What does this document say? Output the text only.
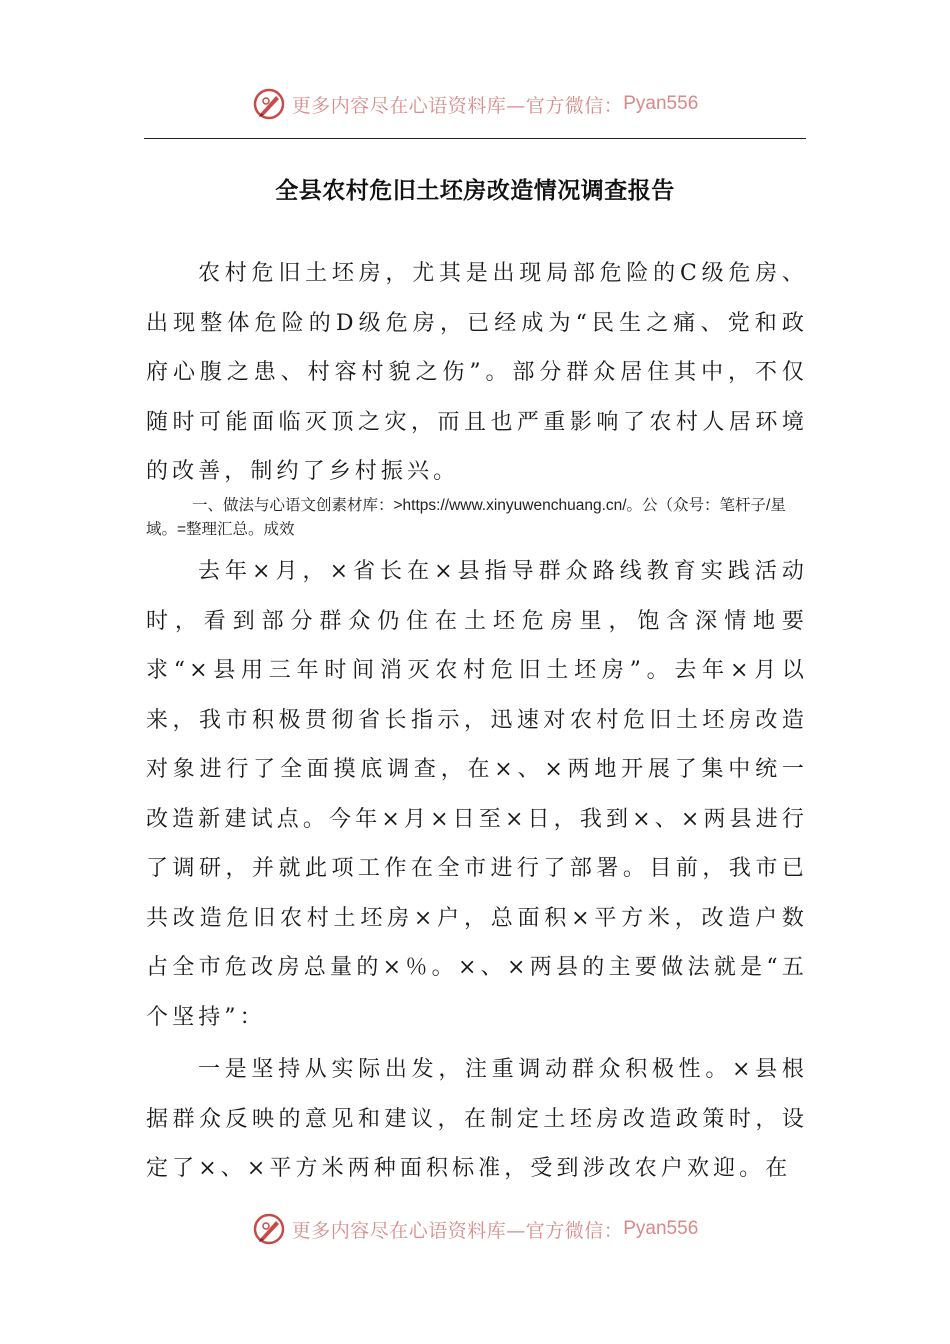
更多内容尽在心语资料库—官方微信： Pyan556
全县农村危旧土坯房改造情况调查报告

农村危旧土坯房，尤其是出现局部危险的C级危房、出现整体危险的D级危房，已经成为“民生之痛、党和政府心腹之患、村容村貌之伤”。部分群众居住其中，不仅随时可能面临灭顶之灾，而且也严重影响了农村人居环境的改善，制约了乡村振兴。

一、做法与心语文创素材库：>https://www.xinyuwenchuang.cn/。公（众号：笔杆子/星域。=整理汇总。成效

去年×月，×省长在×县指导群众路线教育实践活动时，看到部分群众仍住在土坯危房里，饱含深情地要求“×县用三年时间消灭农村危旧土坯房”。去年×月以来，我市积极贯彻省长指示，迅速对农村危旧土坯房改造对象进行了全面摸底调查，在×、×两地开展了集中统一改造新建试点。今年×月×日至×日，我到×、×两县进行了调研，并就此项工作在全市进行了部署。目前，我市已共改造危旧农村土坯房×户，总面积×平方米，改造户数占全市危改房总量的×％。×、×两县的主要做法就是“五个坚持”：

一是坚持从实际出发，注重调动群众积极性。×县根据群众反映的意见和建议，在制定土坯房改造政策时，设定了×、×平方米两种面积标准，受到涉改农户欢迎。在

更多内容尽在心语资料库—官方微信： Pyan556
